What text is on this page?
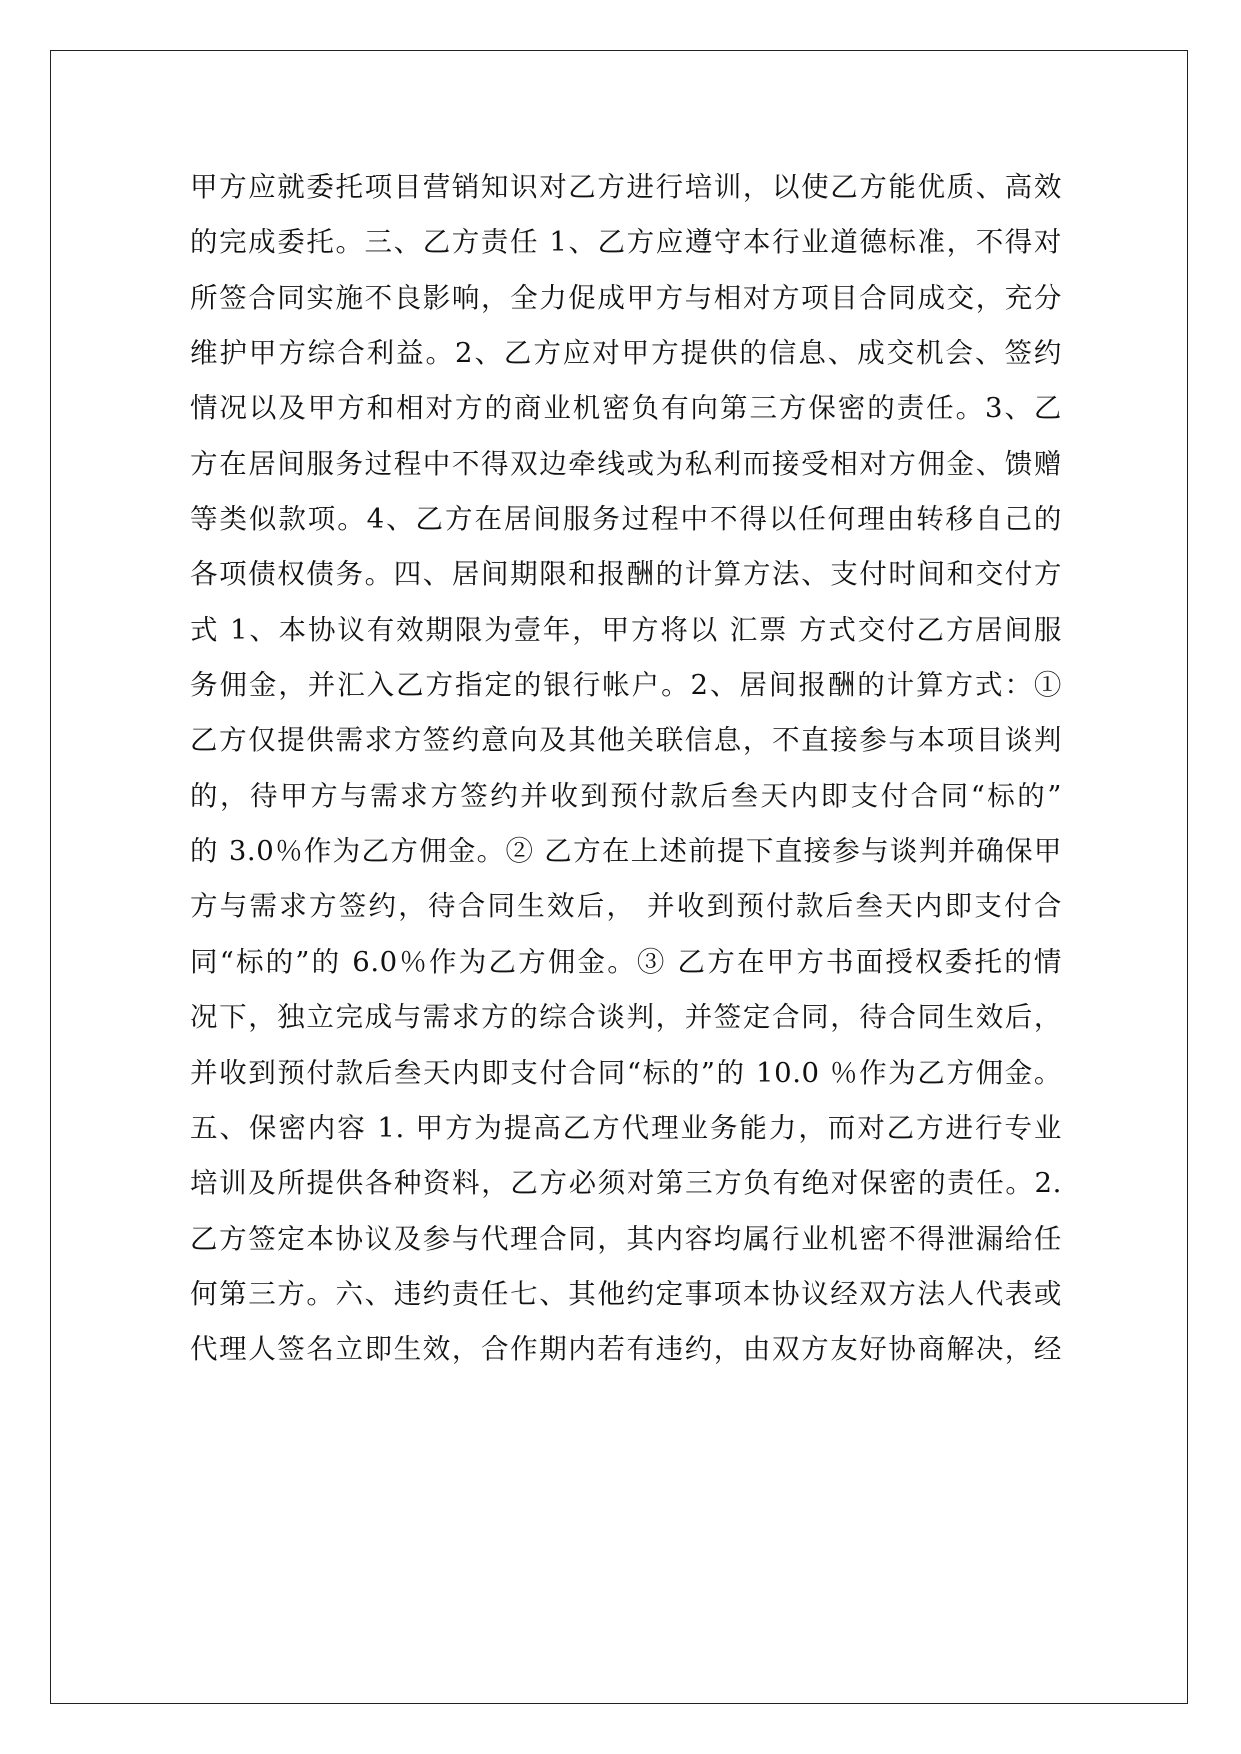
甲方应就委托项目营销知识对乙方进行培训，以使乙方能优质、高效
的完成委托。三、乙方责任 1、乙方应遵守本行业道德标准，不得对
所签合同实施不良影响，全力促成甲方与相对方项目合同成交，充分
维护甲方综合利益。2、乙方应对甲方提供的信息、成交机会、签约
情况以及甲方和相对方的商业机密负有向第三方保密的责任。3、乙
方在居间服务过程中不得双边牵线或为私利而接受相对方佣金、馈赠
等类似款项。4、乙方在居间服务过程中不得以任何理由转移自己的
各项债权债务。四、居间期限和报酬的计算方法、支付时间和交付方
式 1、本协议有效期限为壹年，甲方将以 汇票 方式交付乙方居间服
务佣金，并汇入乙方指定的银行帐户。2、居间报酬的计算方式：①
乙方仅提供需求方签约意向及其他关联信息，不直接参与本项目谈判
的，待甲方与需求方签约并收到预付款后叁天内即支付合同“标的”
的 3.0％作为乙方佣金。② 乙方在上述前提下直接参与谈判并确保甲
方与需求方签约，待合同生效后， 并收到预付款后叁天内即支付合
同“标的”的 6.0％作为乙方佣金。③ 乙方在甲方书面授权委托的情
况下，独立完成与需求方的综合谈判，并签定合同，待合同生效后，
并收到预付款后叁天内即支付合同“标的”的 10.0 ％作为乙方佣金。
五、保密内容 1. 甲方为提高乙方代理业务能力，而对乙方进行专业
培训及所提供各种资料，乙方必须对第三方负有绝对保密的责任。2.
乙方签定本协议及参与代理合同，其内容均属行业机密不得泄漏给任
何第三方。六、违约责任七、其他约定事项本协议经双方法人代表或
代理人签名立即生效，合作期内若有违约，由双方友好协商解决，经
